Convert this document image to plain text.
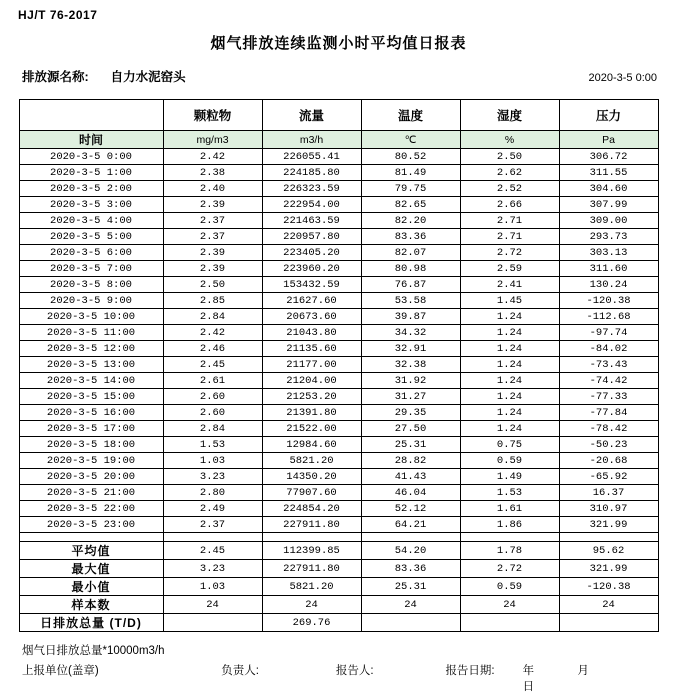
HJ/T 76-2017
烟气排放连续监测小时平均值日报表
排放源名称: 自力水泥窑头	2020-3-5 0:00
	颗粒物	流量	温度	湿度	压力
时间	mg/m3	m3/h	℃	%	Pa
2020-3-5 0:00	2.42	226055.41	80.52	2.50	306.72
2020-3-5 1:00	2.38	224185.80	81.49	2.62	311.55
2020-3-5 2:00	2.40	226323.59	79.75	2.52	304.60
2020-3-5 3:00	2.39	222954.00	82.65	2.66	307.99
2020-3-5 4:00	2.37	221463.59	82.20	2.71	309.00
2020-3-5 5:00	2.37	220957.80	83.36	2.71	293.73
2020-3-5 6:00	2.39	223405.20	82.07	2.72	303.13
2020-3-5 7:00	2.39	223960.20	80.98	2.59	311.60
2020-3-5 8:00	2.50	153432.59	76.87	2.41	130.24
2020-3-5 9:00	2.85	21627.60	53.58	1.45	-120.38
2020-3-5 10:00	2.84	20673.60	39.87	1.24	-112.68
2020-3-5 11:00	2.42	21043.80	34.32	1.24	-97.74
2020-3-5 12:00	2.46	21135.60	32.91	1.24	-84.02
2020-3-5 13:00	2.45	21177.00	32.38	1.24	-73.43
2020-3-5 14:00	2.61	21204.00	31.92	1.24	-74.42
2020-3-5 15:00	2.60	21253.20	31.27	1.24	-77.33
2020-3-5 16:00	2.60	21391.80	29.35	1.24	-77.84
2020-3-5 17:00	2.84	21522.00	27.50	1.24	-78.42
2020-3-5 18:00	1.53	12984.60	25.31	0.75	-50.23
2020-3-5 19:00	1.03	5821.20	28.82	0.59	-20.68
2020-3-5 20:00	3.23	14350.20	41.43	1.49	-65.92
2020-3-5 21:00	2.80	77907.60	46.04	1.53	16.37
2020-3-5 22:00	2.49	224854.20	52.12	1.61	310.97
2020-3-5 23:00	2.37	227911.80	64.21	1.86	321.99

平均值	2.45	112399.85	54.20	1.78	95.62
最大值	3.23	227911.80	83.36	2.72	321.99
最小值	1.03	5821.20	25.31	0.59	-120.38
样本数	24	24	24	24	24
日排放总量 (T/D)		269.76			
烟气日排放总量*10000m3/h
上报单位(盖章)	负责人:	报告人:	报告日期: 年 月 日
